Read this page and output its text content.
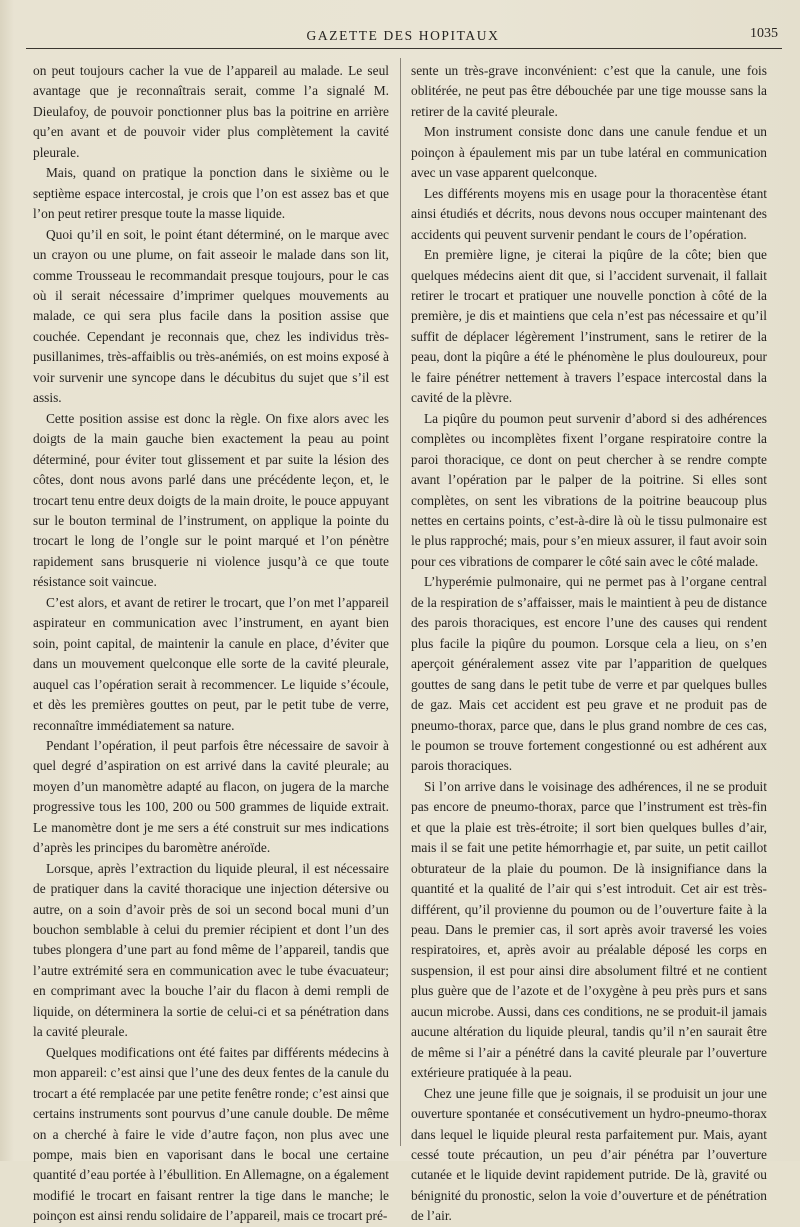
GAZETTE DES HOPITAUX	1035

on peut toujours cacher la vue de l’appareil au malade. Le seul avantage que je reconnaîtrais serait, comme l’a signalé M. Dieulafoy, de pouvoir ponctionner plus bas la poitrine en arrière qu’en avant et de pouvoir vider plus complètement la cavité pleurale.

Mais, quand on pratique la ponction dans le sixième ou le septième espace intercostal, je crois que l’on est assez bas et que l’on peut retirer presque toute la masse liquide.

Quoi qu’il en soit, le point étant déterminé, on le marque avec un crayon ou une plume, on fait asseoir le malade dans son lit, comme Trousseau le recommandait presque toujours, pour le cas où il serait nécessaire d’imprimer quelques mouvements au malade, ce qui sera plus facile dans la position assise que couchée. Cependant je reconnais que, chez les individus très-pusillanimes, très-affaiblis ou très-anémiés, on est moins exposé à voir survenir une syncope dans le décubitus du sujet que s’il est assis.

Cette position assise est donc la règle. On fixe alors avec les doigts de la main gauche bien exactement la peau au point déterminé, pour éviter tout glissement et par suite la lésion des côtes, dont nous avons parlé dans une précédente leçon, et, le trocart tenu entre deux doigts de la main droite, le pouce appuyant sur le bouton terminal de l’instrument, on applique la pointe du trocart le long de l’ongle sur le point marqué et l’on pénètre rapidement sans brusquerie ni violence jusqu’à ce que toute résistance soit vaincue.

C’est alors, et avant de retirer le trocart, que l’on met l’appareil aspirateur en communication avec l’instrument, en ayant bien soin, point capital, de maintenir la canule en place, d’éviter que dans un mouvement quelconque elle sorte de la cavité pleurale, auquel cas l’opération serait à recommencer. Le liquide s’écoule, et dès les premières gouttes on peut, par le petit tube de verre, reconnaître immédiatement sa nature.

Pendant l’opération, il peut parfois être nécessaire de savoir à quel degré d’aspiration on est arrivé dans la cavité pleurale; au moyen d’un manomètre adapté au flacon, on jugera de la marche progressive tous les 100, 200 ou 500 grammes de liquide extrait. Le manomètre dont je me sers a été construit sur mes indications d’après les principes du baromètre anéroïde.

Lorsque, après l’extraction du liquide pleural, il est nécessaire de pratiquer dans la cavité thoracique une injection détersive ou autre, on a soin d’avoir près de soi un second bocal muni d’un bouchon semblable à celui du premier récipient et dont l’un des tubes plongera d’une part au fond même de l’appareil, tandis que l’autre extrémité sera en communication avec le tube évacuateur; en comprimant avec la bouche l’air du flacon à demi rempli de liquide, on déterminera la sortie de celui-ci et sa pénétration dans la cavité pleurale.

Quelques modifications ont été faites par différents médecins à mon appareil: c’est ainsi que l’une des deux fentes de la canule du trocart a été remplacée par une petite fenêtre ronde; c’est ainsi que certains instruments sont pourvus d’une canule double. De même on a cherché à faire le vide d’autre façon, non plus avec une pompe, mais bien en vaporisant dans le bocal une certaine quantité d’eau portée à l’ébullition. En Allemagne, on a également modifié le trocart en faisant rentrer la tige dans le manche; le poinçon est ainsi rendu solidaire de l’appareil, mais ce trocart pré-

sente un très-grave inconvénient: c’est que la canule, une fois oblitérée, ne peut pas être débouchée par une tige mousse sans la retirer de la cavité pleurale.

Mon instrument consiste donc dans une canule fendue et un poinçon à épaulement mis par un tube latéral en communication avec un vase apparent quelconque.

Les différents moyens mis en usage pour la thoracentèse étant ainsi étudiés et décrits, nous devons nous occuper maintenant des accidents qui peuvent survenir pendant le cours de l’opération.

En première ligne, je citerai la piqûre de la côte; bien que quelques médecins aient dit que, si l’accident survenait, il fallait retirer le trocart et pratiquer une nouvelle ponction à côté de la première, je dis et maintiens que cela n’est pas nécessaire et qu’il suffit de déplacer légèrement l’instrument, sans le retirer de la peau, dont la piqûre a été le phénomène le plus douloureux, pour le faire pénétrer nettement à travers l’espace intercostal dans la cavité de la plèvre.

La piqûre du poumon peut survenir d’abord si des adhérences complètes ou incomplètes fixent l’organe respiratoire contre la paroi thoracique, ce dont on peut chercher à se rendre compte avant l’opération par le palper de la poitrine. Si elles sont complètes, on sent les vibrations de la poitrine beaucoup plus nettes en certains points, c’est-à-dire là où le tissu pulmonaire est le plus rapproché; mais, pour s’en mieux assurer, il faut avoir soin pour ces vibrations de comparer le côté sain avec le côté malade.

L’hyperémie pulmonaire, qui ne permet pas à l’organe central de la respiration de s’affaisser, mais le maintient à peu de distance des parois thoraciques, est encore l’une des causes qui rendent plus facile la piqûre du poumon. Lorsque cela a lieu, on s’en aperçoit généralement assez vite par l’apparition de quelques gouttes de sang dans le petit tube de verre et par quelques bulles de gaz. Mais cet accident est peu grave et ne produit pas de pneumo-thorax, parce que, dans le plus grand nombre de ces cas, le poumon se trouve fortement congestionné ou est adhérent aux parois thoraciques.

Si l’on arrive dans le voisinage des adhérences, il ne se produit pas encore de pneumo-thorax, parce que l’instrument est très-fin et que la plaie est très-étroite; il sort bien quelques bulles d’air, mais il se fait une petite hémorrhagie et, par suite, un petit caillot obturateur de la plaie du poumon. De là insignifiance dans la quantité et la qualité de l’air qui s’est introduit. Cet air est très-différent, qu’il provienne du poumon ou de l’ouverture faite à la peau. Dans le premier cas, il sort après avoir traversé les voies respiratoires, et, après avoir au préalable déposé les corps en suspension, il est pour ainsi dire absolument filtré et ne contient plus guère que de l’azote et de l’oxygène à peu près purs et sans aucun microbe. Aussi, dans ces conditions, ne se produit-il jamais aucune altération du liquide pleural, tandis qu’il n’en saurait être de même si l’air a pénétré dans la cavité pleurale par l’ouverture extérieure pratiquée à la peau.

Chez une jeune fille que je soignais, il se produisit un jour une ouverture spontanée et consécutivement un hydro-pneumo-thorax dans lequel le liquide pleural resta parfaitement pur. Mais, ayant cessé toute précaution, un peu d’air pénétra par l’ouverture cutanée et le liquide devint rapidement putride. De là, gravité ou bénignité du pronostic, selon la voie d’ouverture et de pénétration de l’air.
